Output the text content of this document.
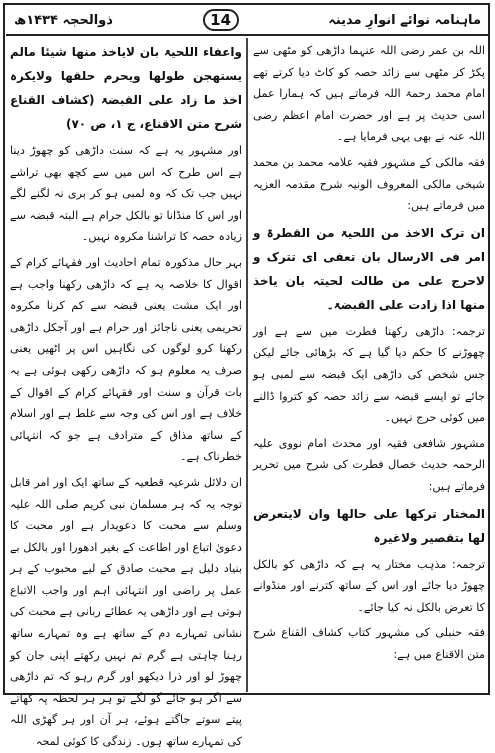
ذوالحجہ ۱۴۳۴ھ	14	ماہنامہ نوائے انوارِ مدینہ

اللہ بن عمر رضی اللہ عنہما داڑھی کو مٹھی سے پکڑ کر مٹھی سے زائد حصہ کو کاٹ دیا کرتے تھے امام محمد رحمۃ اللہ فرماتے ہیں کہ ہمارا عمل اسی حدیث پر ہے اور حضرت امام اعظم رضی اللہ عنہ نے بھی یہی فرمایا ہے۔

فقہ مالکی کے مشہور فقیہ علامہ محمد بن محمد شیخی مالکی المعروف الونیہ شرح مقدمہ العزیہ میں فرماتے ہیں:

ان ترک الاخذ من اللحیۃ من القطرۃ و امر فی الارسال بان تعفی ای تترک و لاحرج علی من طالت لحیتہ بان یاخذ منھا اذا زادت علی القبضۃ۔

ترجمہ: داڑھی رکھنا فطرت میں سے ہے اور چھوڑنے کا حکم دیا گیا ہے کہ بڑھائی جائے لیکن جس شخص کی داڑھی ایک قبضہ سے لمبی ہو جائے تو ایسے قبضہ سے زائد حصہ کو کتروا ڈالنے میں کوئی حرج نہیں۔

مشہور شافعی فقیہ اور محدث امام نووی علیہ الرحمہ حدیث خصال فطرت کی شرح میں تحریر فرماتے ہیں:

المختار ترکھا علی حالھا وان لایتعرض لھا بتقصیر ولاغیرہ

ترجمہ: مذہب مختار یہ ہے کہ داڑھی کو بالکل چھوڑ دیا جائے اور اس کے ساتھ کترنے اور منڈوانے کا تعرض بالکل نہ کیا جائے۔

فقہ حنبلی کی مشہور کتاب کشاف القناع شرح متن الاقناع میں ہے:

واعفاء اللحیۃ بان لایاخذ منھا شیئا مالم یستھجن طولھا ویحرم حلقھا ولایکرہ اخذ ما زاد علی القبضۃ (کشاف القناع شرح متن الاقناع، ج ۱، ص ۷۰)

اور مشہور یہ ہے کہ سنت داڑھی کو چھوڑ دینا ہے اس طرح کہ اس میں سے کچھ بھی تراشے نہیں جب تک کہ وہ لمبی ہو کر بری نہ لگنے لگے اور اس کا منڈانا تو بالکل حرام ہے البتہ قبضہ سے زیادہ حصہ کا تراشنا مکروہ نہیں۔

بہر حال مذکورہ تمام احادیث اور فقہائے کرام کے اقوال کا خلاصہ یہ ہے کہ داڑھی رکھنا واجب ہے اور ایک مشت یعنی قبضہ سے کم کرنا مکروہ تحریمی یعنی ناجائز اور حرام ہے اور آجکل داڑھی رکھنا کرو لوگوں کی نگاہیں اس پر اٹھیں یعنی صرف یہ معلوم ہو کہ داڑھی رکھی ہوئی ہے یہ بات قرآن و سنت اور فقہائے کرام کے اقوال کے خلاف ہے اور اس کی وجہ سے غلط ہے اور اسلام کے ساتھ مذاق کے مترادف ہے جو کہ انتہائی خطرناک ہے۔

ان دلائل شرعیہ قطعیہ کے ساتھ ایک اور امر قابل توجہ یہ کہ ہر مسلمان نبی کریم صلی اللہ علیہ وسلم سے محبت کا دعویدار ہے اور محبت کا دعویٰ اتباع اور اطاعت کے بغیر ادھورا اور بالکل بے بنیاد دلیل ہے محبت صادق کے لیے محبوب کے ہر عمل پر راضی اور انتہائی اہم اور واجب الاتباع ہوتی ہے اور داڑھی یہ عطائے ربانی ہے محبت کی نشانی تمہارے دم کے ساتھ ہے وہ تمہارے ساتھ رہنا چاہتی ہے گرم تم نہیں رکھتے اپنی جان کو چھوڑ لو اور ذرا دیکھو اور گرم رہو کہ تم داڑھی سے اگر ہو جائے گو لگے تو ہر ہر لحظہ پہ کھاتے پیتے سوتے جاگتے ہوئے، ہر آن اور ہر گھڑی اللہ کی تمہارے ساتھ ہوں۔ زندگی کا کوئی لمحہ
